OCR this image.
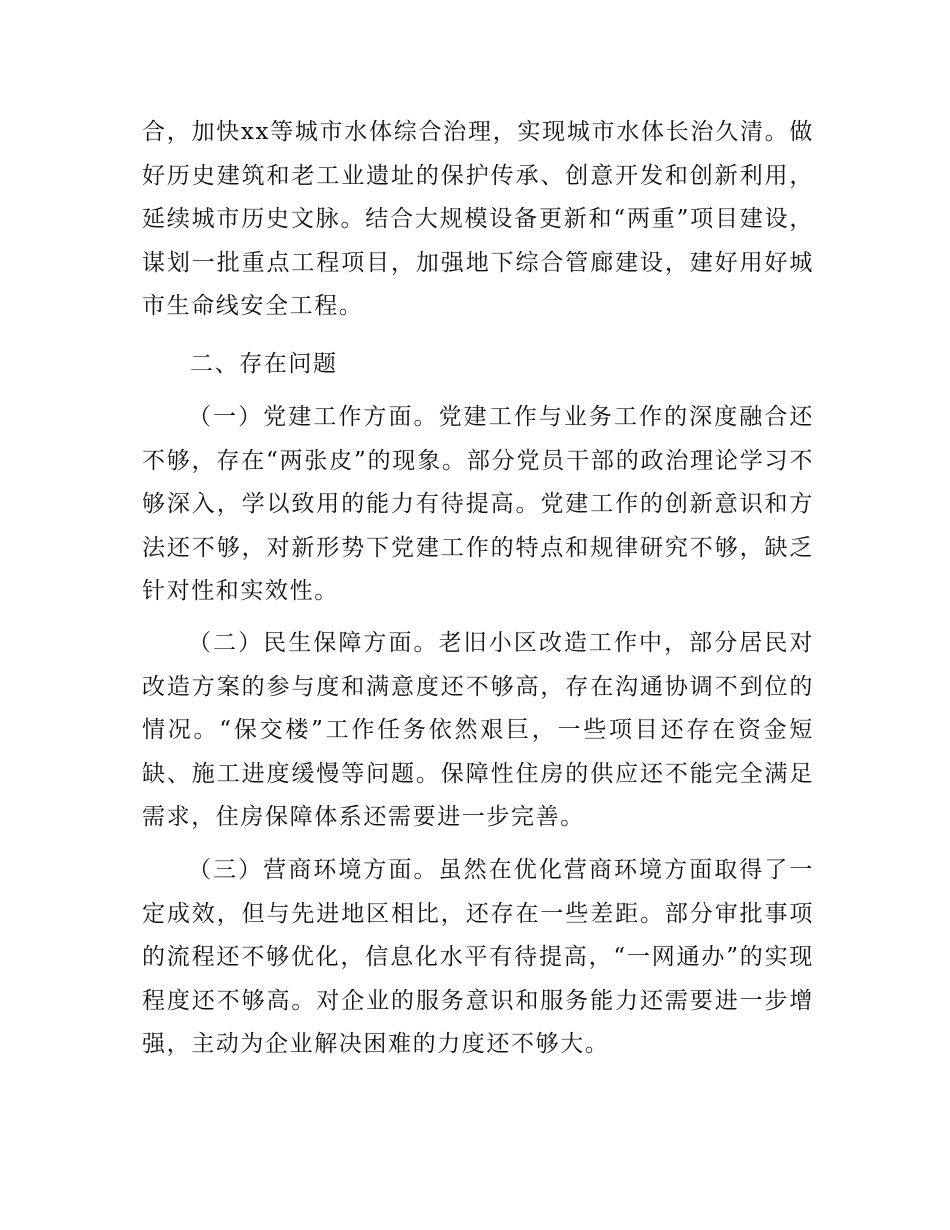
合，加快xx等城市水体综合治理，实现城市水体长治久清。做好历史建筑和老工业遗址的保护传承、创意开发和创新利用，延续城市历史文脉。结合大规模设备更新和“两重”项目建设，谋划一批重点工程项目，加强地下综合管廊建设，建好用好城市生命线安全工程。

二、存在问题

（一）党建工作方面。党建工作与业务工作的深度融合还不够，存在“两张皮”的现象。部分党员干部的政治理论学习不够深入，学以致用的能力有待提高。党建工作的创新意识和方法还不够，对新形势下党建工作的特点和规律研究不够，缺乏针对性和实效性。

（二）民生保障方面。老旧小区改造工作中，部分居民对改造方案的参与度和满意度还不够高，存在沟通协调不到位的情况。“保交楼”工作任务依然艰巨，一些项目还存在资金短缺、施工进度缓慢等问题。保障性住房的供应还不能完全满足需求，住房保障体系还需要进一步完善。

（三）营商环境方面。虽然在优化营商环境方面取得了一定成效，但与先进地区相比，还存在一些差距。部分审批事项的流程还不够优化，信息化水平有待提高，“一网通办”的实现程度还不够高。对企业的服务意识和服务能力还需要进一步增强，主动为企业解决困难的力度还不够大。
